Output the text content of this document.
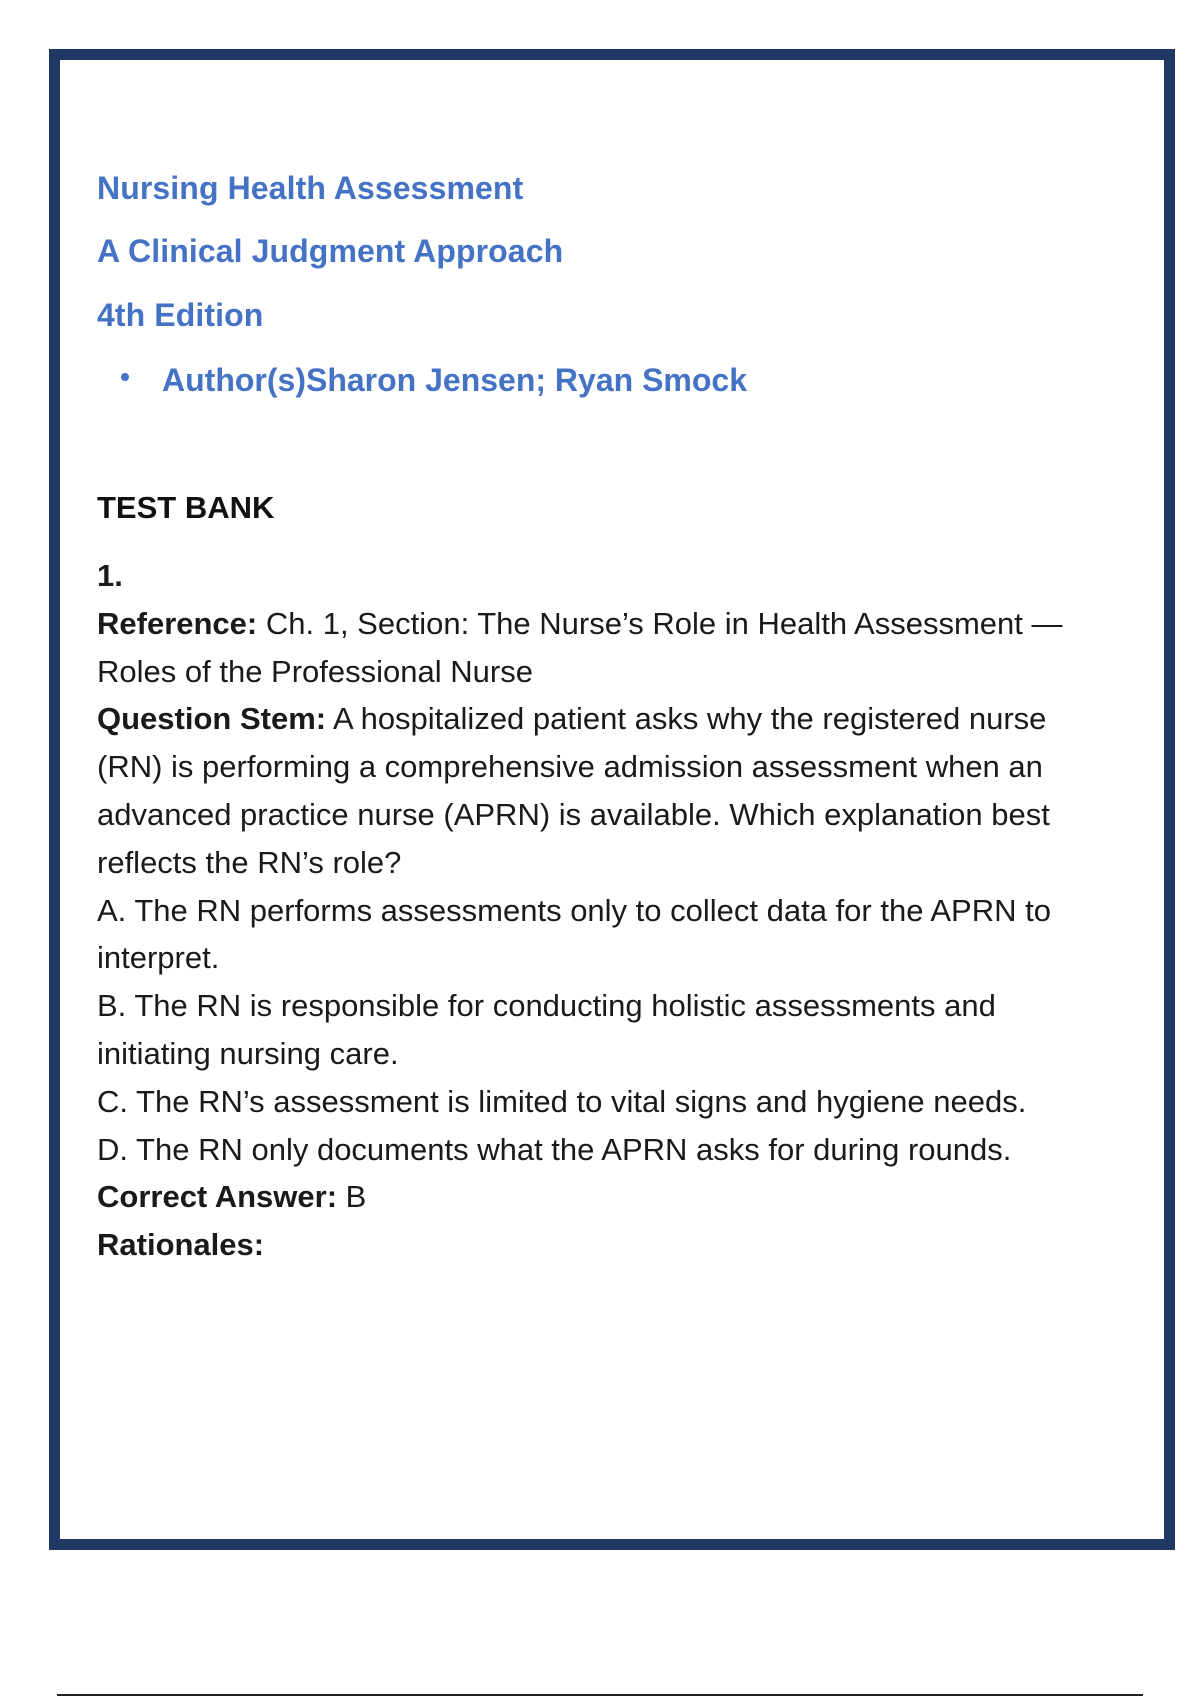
Nursing Health Assessment
A Clinical Judgment Approach
4th Edition
Author(s)Sharon Jensen; Ryan Smock
TEST BANK

1.

Reference: Ch. 1, Section: The Nurse’s Role in Health Assessment — Roles of the Professional Nurse

Question Stem: A hospitalized patient asks why the registered nurse (RN) is performing a comprehensive admission assessment when an advanced practice nurse (APRN) is available. Which explanation best reflects the RN’s role?

A. The RN performs assessments only to collect data for the APRN to interpret.

B. The RN is responsible for conducting holistic assessments and initiating nursing care.

C. The RN’s assessment is limited to vital signs and hygiene needs.

D. The RN only documents what the APRN asks for during rounds.

Correct Answer: B

Rationales:
